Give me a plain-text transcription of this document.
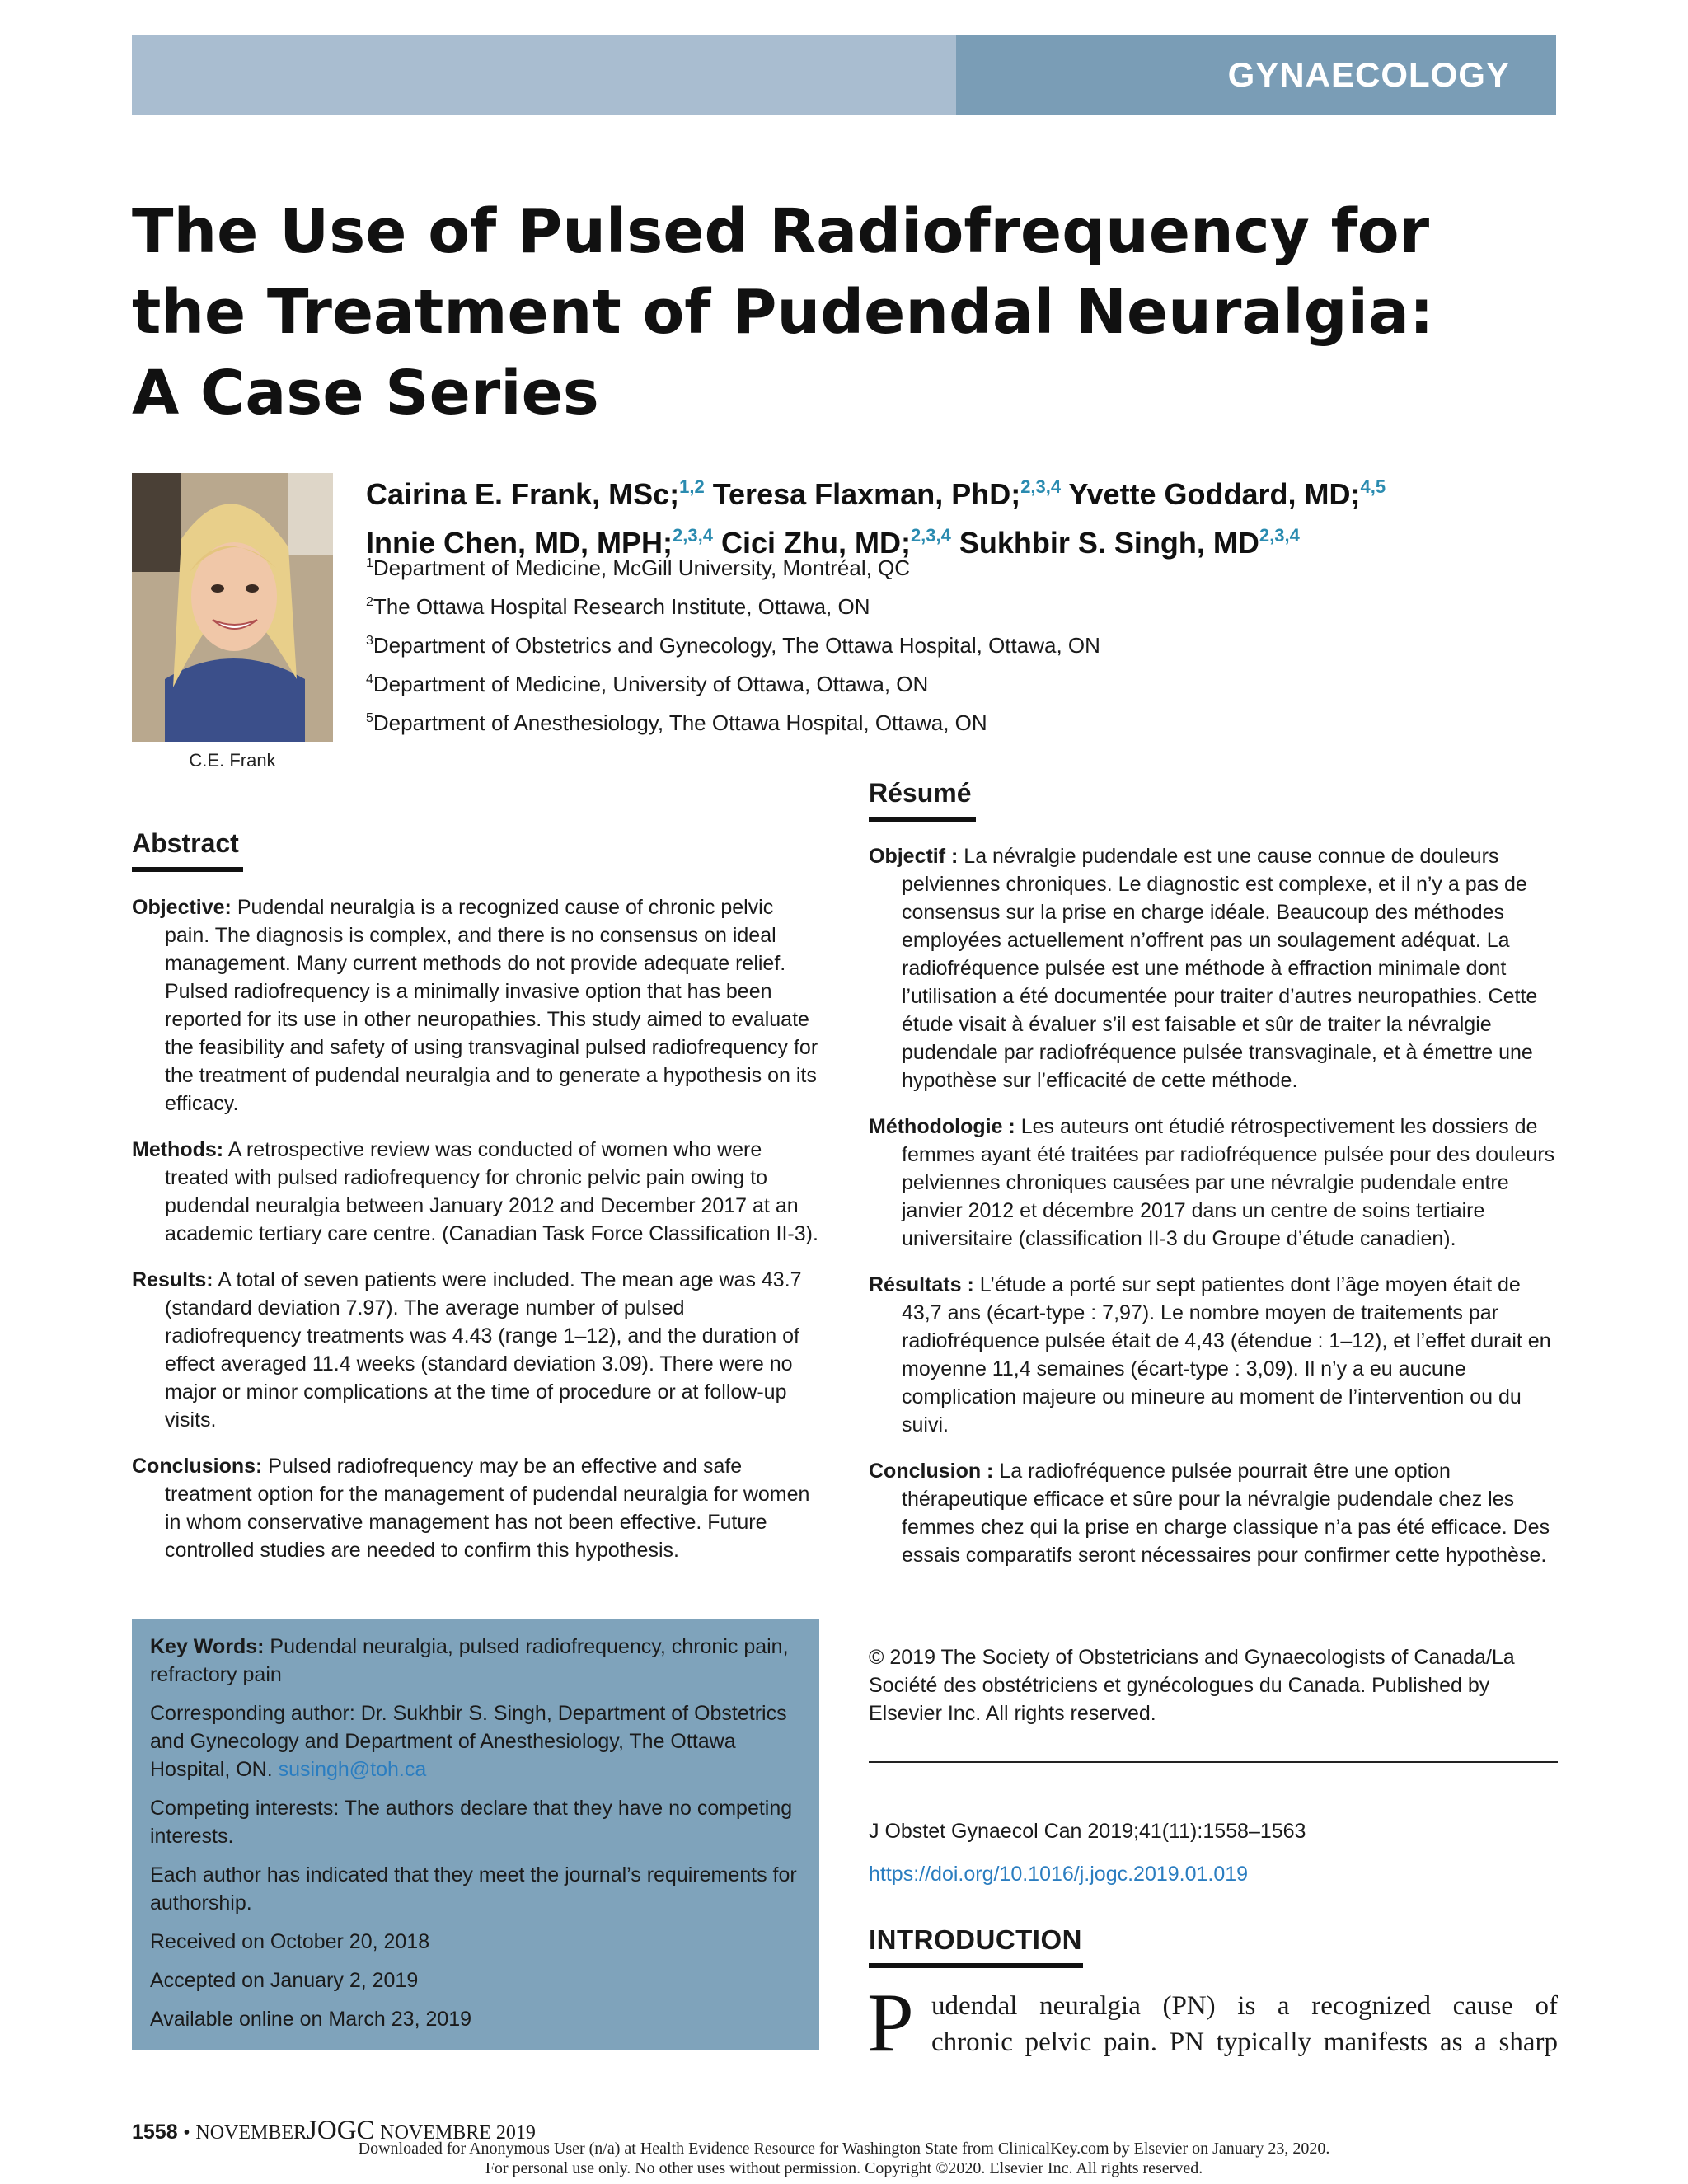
GYNAECOLOGY
The Use of Pulsed Radiofrequency for
the Treatment of Pudendal Neuralgia:
A Case Series
C.E. Frank
Cairina E. Frank, MSc;$^{1,2}$ Teresa Flaxman, PhD;$^{2,3,4}$ Yvette Goddard, MD;$^{4,5}$
Innie Chen, MD, MPH;$^{2,3,4}$ Cici Zhu, MD;$^{2,3,4}$ Sukhbir S. Singh, MD$^{2,3,4}$
$^1$Department of Medicine, McGill University, Montréal, QC
$^2$The Ottawa Hospital Research Institute, Ottawa, ON
$^3$Department of Obstetrics and Gynecology, The Ottawa Hospital, Ottawa, ON
$^4$Department of Medicine, University of Ottawa, Ottawa, ON
$^5$Department of Anesthesiology, The Ottawa Hospital, Ottawa, ON
Abstract

Objective: Pudendal neuralgia is a recognized cause of chronic pelvic pain. The diagnosis is complex, and there is no consensus on ideal management. Many current methods do not provide adequate relief. Pulsed radiofrequency is a minimally invasive option that has been reported for its use in other neuropathies. This study aimed to evaluate the feasibility and safety of using transvaginal pulsed radiofrequency for the treatment of pudendal neuralgia and to generate a hypothesis on its efficacy.

Methods: A retrospective review was conducted of women who were treated with pulsed radiofrequency for chronic pelvic pain owing to pudendal neuralgia between January 2012 and December 2017 at an academic tertiary care centre. (Canadian Task Force Classification II-3).

Results: A total of seven patients were included. The mean age was 43.7 (standard deviation 7.97). The average number of pulsed radiofrequency treatments was 4.43 (range 1–12), and the duration of effect averaged 11.4 weeks (standard deviation 3.09). There were no major or minor complications at the time of procedure or at follow-up visits.

Conclusions: Pulsed radiofrequency may be an effective and safe treatment option for the management of pudendal neuralgia for women in whom conservative management has not been effective. Future controlled studies are needed to confirm this hypothesis.

Key Words: Pudendal neuralgia, pulsed radiofrequency, chronic pain, refractory pain

Corresponding author: Dr. Sukhbir S. Singh, Department of Obstetrics and Gynecology and Department of Anesthesiology, The Ottawa Hospital, ON. susingh@toh.ca

Competing interests: The authors declare that they have no competing interests.

Each author has indicated that they meet the journal’s requirements for authorship.

Received on October 20, 2018

Accepted on January 2, 2019

Available online on March 23, 2019

Résumé

Objectif : La névralgie pudendale est une cause connue de douleurs pelviennes chroniques. Le diagnostic est complexe, et il n’y a pas de consensus sur la prise en charge idéale. Beaucoup des méthodes employées actuellement n’offrent pas un soulagement adéquat. La radiofréquence pulsée est une méthode à effraction minimale dont l’utilisation a été documentée pour traiter d’autres neuropathies. Cette étude visait à évaluer s’il est faisable et sûr de traiter la névralgie pudendale par radiofréquence pulsée transvaginale, et à émettre une hypothèse sur l’efficacité de cette méthode.

Méthodologie : Les auteurs ont étudié rétrospectivement les dossiers de femmes ayant été traitées par radiofréquence pulsée pour des douleurs pelviennes chroniques causées par une névralgie pudendale entre janvier 2012 et décembre 2017 dans un centre de soins tertiaire universitaire (classification II-3 du Groupe d’étude canadien).

Résultats : L’étude a porté sur sept patientes dont l’âge moyen était de 43,7 ans (écart-type : 7,97). Le nombre moyen de traitements par radiofréquence pulsée était de 4,43 (étendue : 1–12), et l’effet durait en moyenne 11,4 semaines (écart-type : 3,09). Il n’y a eu aucune complication majeure ou mineure au moment de l’intervention ou du suivi.

Conclusion : La radiofréquence pulsée pourrait être une option thérapeutique efficace et sûre pour la névralgie pudendale chez les femmes chez qui la prise en charge classique n’a pas été efficace. Des essais comparatifs seront nécessaires pour confirmer cette hypothèse.

© 2019 The Society of Obstetricians and Gynaecologists of Canada/La Société des obstétriciens et gynécologues du Canada. Published by Elsevier Inc. All rights reserved.

J Obstet Gynaecol Can 2019;41(11):1558–1563

https://doi.org/10.1016/j.jogc.2019.01.019

INTRODUCTION
P udendal neuralgia (PN) is a recognized cause of
chronic pelvic pain. PN typically manifests as a sharp
1558 • NOVEMBERJOGC NOVEMBRE 2019
Downloaded for Anonymous User (n/a) at Health Evidence Resource for Washington State from ClinicalKey.com by Elsevier on January 23, 2020.
For personal use only. No other uses without permission. Copyright ©2020. Elsevier Inc. All rights reserved.
